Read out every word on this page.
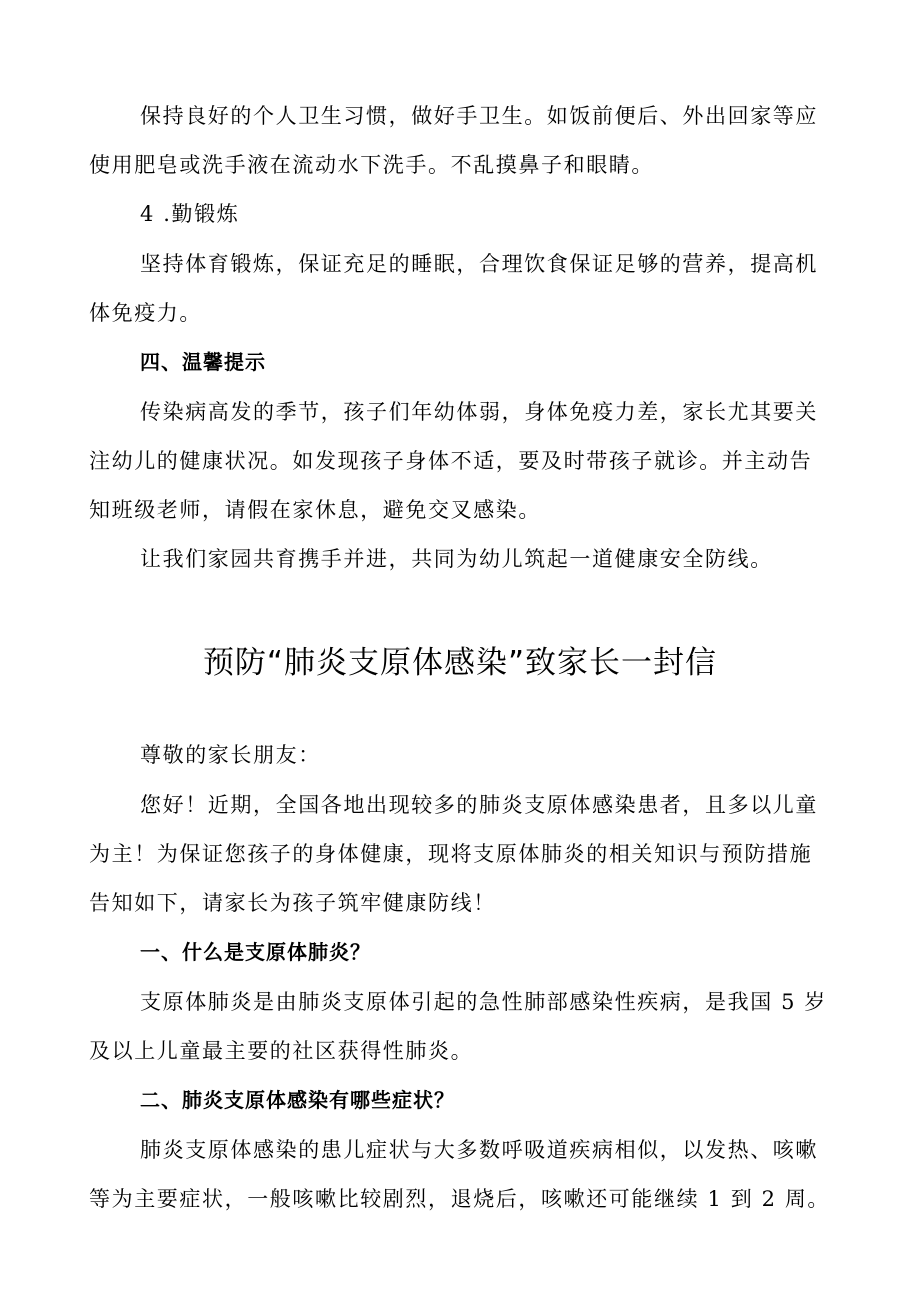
保持良好的个人卫生习惯，做好手卫生。如饭前便后、外出回家等应
使用肥皂或洗手液在流动水下洗手。不乱摸鼻子和眼睛。
4 .勤锻炼
坚持体育锻炼，保证充足的睡眠，合理饮食保证足够的营养，提高机
体免疫力。
四、温馨提示
传染病高发的季节，孩子们年幼体弱，身体免疫力差，家长尤其要关
注幼儿的健康状况。如发现孩子身体不适，要及时带孩子就诊。并主动告
知班级老师，请假在家休息，避免交叉感染。
让我们家园共育携手并进，共同为幼儿筑起一道健康安全防线。
预防“肺炎支原体感染”致家长一封信
尊敬的家长朋友：
您好！近期，全国各地出现较多的肺炎支原体感染患者，且多以儿童
为主！为保证您孩子的身体健康，现将支原体肺炎的相关知识与预防措施
告知如下，请家长为孩子筑牢健康防线！
一、什么是支原体肺炎？
支原体肺炎是由肺炎支原体引起的急性肺部感染性疾病，是我国 5 岁
及以上儿童最主要的社区获得性肺炎。
二、肺炎支原体感染有哪些症状？
肺炎支原体感染的患儿症状与大多数呼吸道疾病相似，以发热、咳嗽
等为主要症状，一般咳嗽比较剧烈，退烧后，咳嗽还可能继续 1 到 2 周。
